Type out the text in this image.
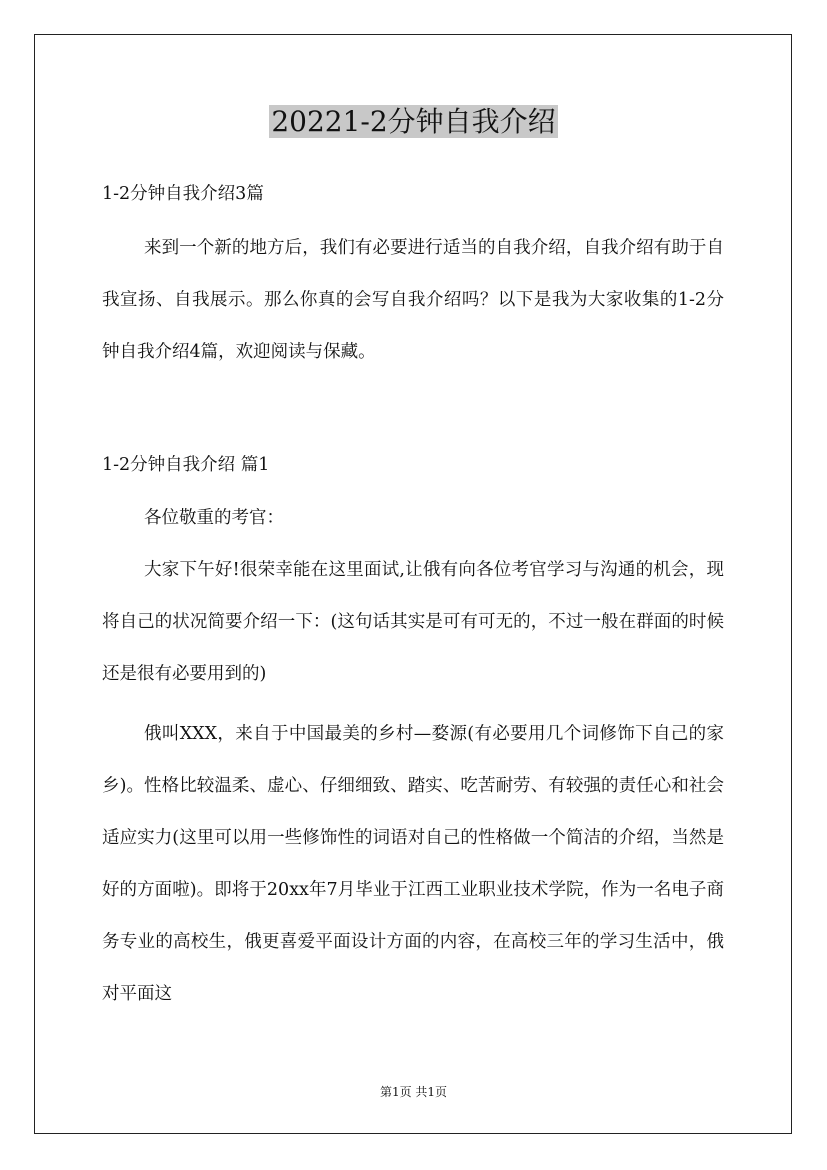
20221-2分钟自我介绍

1-2分钟自我介绍3篇

来到一个新的地方后，我们有必要进行适当的自我介绍，自我介绍有助于自我宣扬、自我展示。那么你真的会写自我介绍吗？以下是我为大家收集的1-2分钟自我介绍4篇，欢迎阅读与保藏。

1-2分钟自我介绍 篇1

各位敬重的考官：

大家下午好!很荣幸能在这里面试,让俄有向各位考官学习与沟通的机会，现将自己的状况简要介绍一下：(这句话其实是可有可无的，不过一般在群面的时候还是很有必要用到的)

俄叫XXX，来自于中国最美的乡村—婺源(有必要用几个词修饰下自己的家乡)。性格比较温柔、虚心、仔细细致、踏实、吃苦耐劳、有较强的责任心和社会适应实力(这里可以用一些修饰性的词语对自己的性格做一个简洁的介绍，当然是好的方面啦)。即将于20xx年7月毕业于江西工业职业技术学院，作为一名电子商务专业的高校生，俄更喜爱平面设计方面的内容，在高校三年的学习生活中，俄对平面这

第1页 共1页
